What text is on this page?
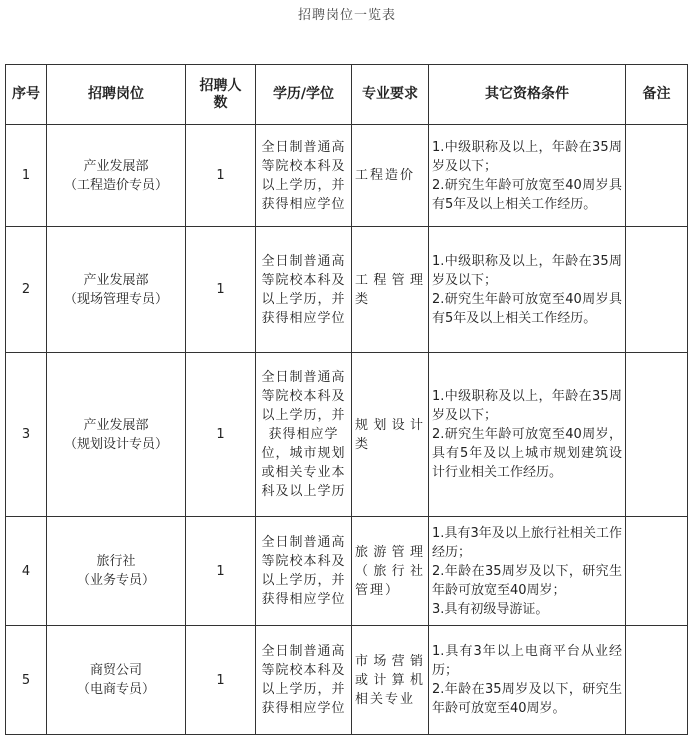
招聘岗位一览表
序号	招聘岗位	招聘人数	学历/学位	专业要求	其它资格条件	备注
1	产业发展部
（工程造价专员）	1	全日制普通高等院校本科及以上学历，并获得相应学位	工程造价	1.中级职称及以上，年龄在35周岁及以下；
2.研究生年龄可放宽至40周岁具有5年及以上相关工作经历。	

2	产业发展部
（现场管理专员）	1	全日制普通高等院校本科及以上学历，并获得相应学位	工程管理类	1.中级职称及以上，年龄在35周岁及以下；
2.研究生年龄可放宽至40周岁具有5年及以上相关工作经历。	

3	产业发展部
（规划设计专员）	1	全日制普通高等院校本科及以上学历，并获得相应学位，城市规划或相关专业本科及以上学历	规划设计类	1.中级职称及以上，年龄在35周岁及以下；
2.研究生年龄可放宽至40周岁，具有5年及以上城市规划建筑设计行业相关工作经历。	

4	旅行社
（业务专员）	1	全日制普通高等院校本科及以上学历，并获得相应学位	旅游管理（旅行社管理）	1.具有3年及以上旅行社相关工作经历；
2.年龄在35周岁及以下，研究生年龄可放宽至40周岁；
3.具有初级导游证。	

5	商贸公司
（电商专员）	1	全日制普通高等院校本科及以上学历，并获得相应学位	市场营销或计算机相关专业	1.具有3年以上电商平台从业经历；
2.年龄在35周岁及以下，研究生年龄可放宽至40周岁。	
